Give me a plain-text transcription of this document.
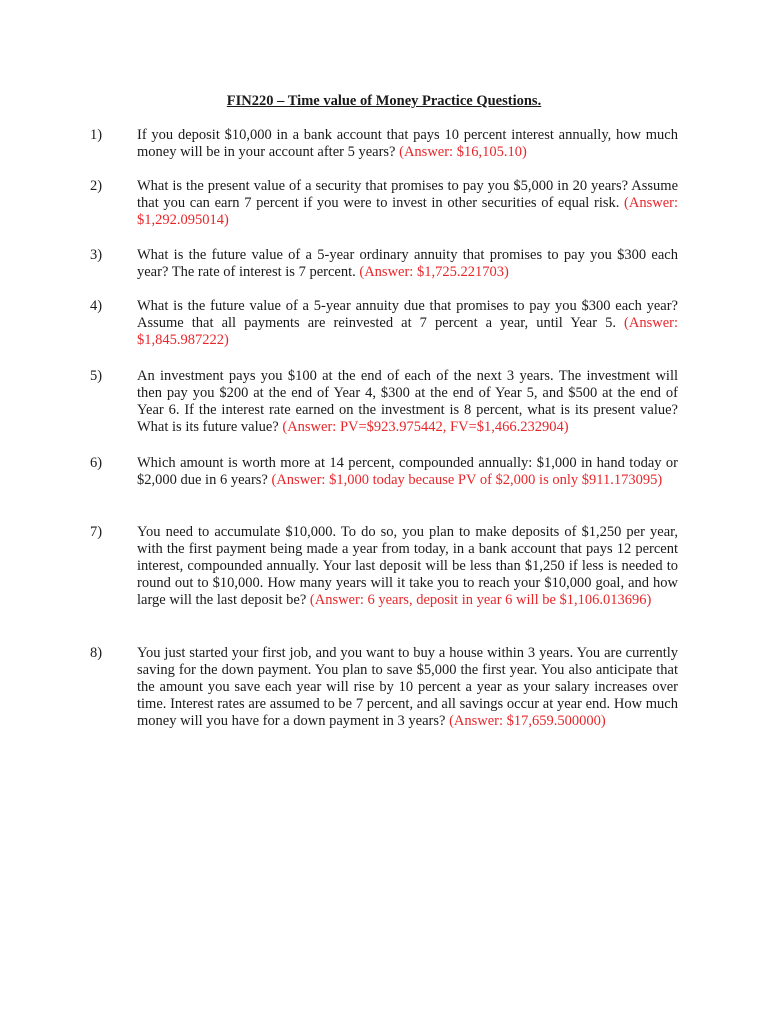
FIN220 – Time value of Money Practice Questions.
1)	If you deposit $10,000 in a bank account that pays 10 percent interest annually, how much money will be in your account after 5 years? (Answer: $16,105.10)

2)	What is the present value of a security that promises to pay you $5,000 in 20 years? Assume that you can earn 7 percent if you were to invest in other securities of equal risk. (Answer: $1,292.095014)

3)	What is the future value of a 5-year ordinary annuity that promises to pay you $300 each year? The rate of interest is 7 percent. (Answer: $1,725.221703)

4)	What is the future value of a 5-year annuity due that promises to pay you $300 each year? Assume that all payments are reinvested at 7 percent a year, until Year 5. (Answer: $1,845.987222)

5)	An investment pays you $100 at the end of each of the next 3 years. The investment will then pay you $200 at the end of Year 4, $300 at the end of Year 5, and $500 at the end of Year 6. If the interest rate earned on the investment is 8 percent, what is its present value? What is its future value? (Answer: PV=$923.975442, FV=$1,466.232904)

6)	Which amount is worth more at 14 percent, compounded annually: $1,000 in hand today or $2,000 due in 6 years? (Answer: $1,000 today because PV of $2,000 is only $911.173095)

7)	You need to accumulate $10,000. To do so, you plan to make deposits of $1,250 per year, with the first payment being made a year from today, in a bank account that pays 12 percent interest, compounded annually. Your last deposit will be less than $1,250 if less is needed to round out to $10,000. How many years will it take you to reach your $10,000 goal, and how large will the last deposit be? (Answer: 6 years, deposit in year 6 will be $1,106.013696)

8)	You just started your first job, and you want to buy a house within 3 years. You are currently saving for the down payment. You plan to save $5,000 the first year. You also anticipate that the amount you save each year will rise by 10 percent a year as your salary increases over time. Interest rates are assumed to be 7 percent, and all savings occur at year end. How much money will you have for a down payment in 3 years? (Answer: $17,659.500000)
